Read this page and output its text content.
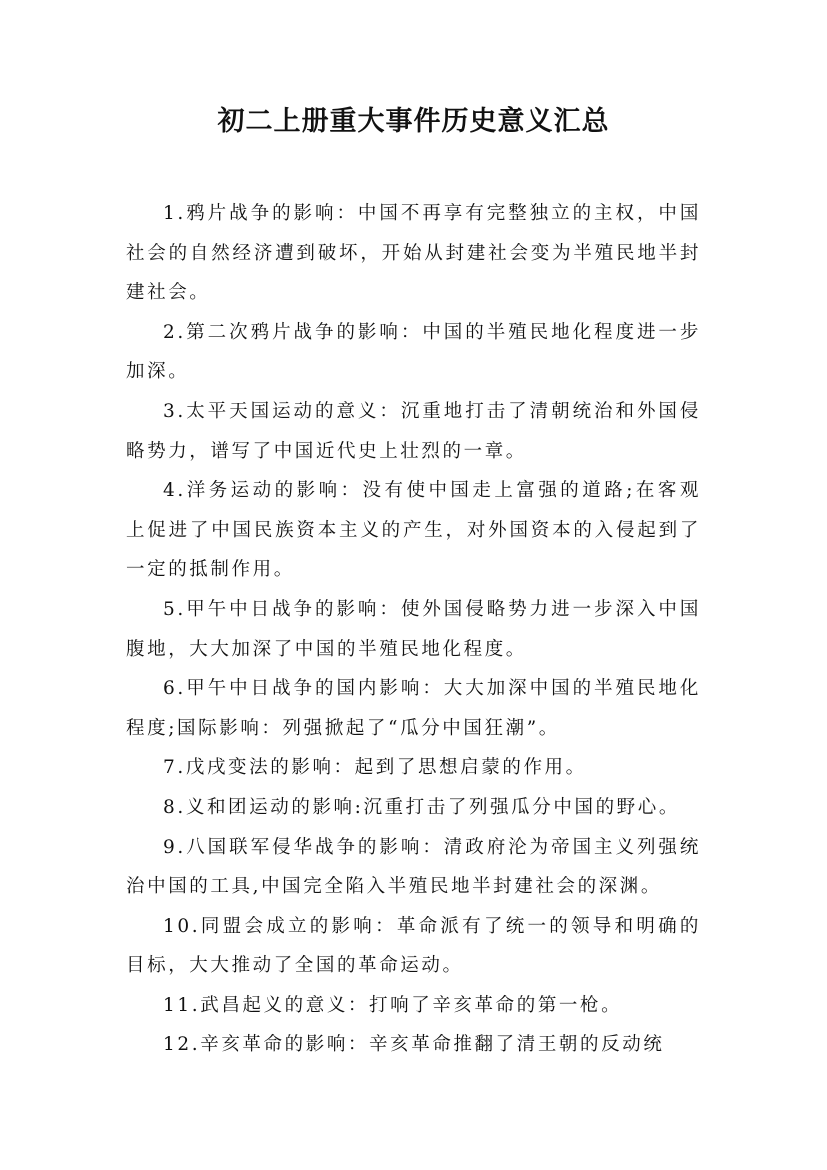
初二上册重大事件历史意义汇总

1.鸦片战争的影响：中国不再享有完整独立的主权，中国社会的自然经济遭到破坏，开始从封建社会变为半殖民地半封建社会。

2.第二次鸦片战争的影响：中国的半殖民地化程度进一步加深。

3.太平天国运动的意义：沉重地打击了清朝统治和外国侵略势力，谱写了中国近代史上壮烈的一章。

4.洋务运动的影响：没有使中国走上富强的道路;在客观上促进了中国民族资本主义的产生，对外国资本的入侵起到了一定的抵制作用。

5.甲午中日战争的影响：使外国侵略势力进一步深入中国腹地，大大加深了中国的半殖民地化程度。

6.甲午中日战争的国内影响：大大加深中国的半殖民地化程度;国际影响：列强掀起了“瓜分中国狂潮”。

7.戊戌变法的影响：起到了思想启蒙的作用。

8.义和团运动的影响:沉重打击了列强瓜分中国的野心。

9.八国联军侵华战争的影响：清政府沦为帝国主义列强统治中国的工具,中国完全陷入半殖民地半封建社会的深渊。

10.同盟会成立的影响：革命派有了统一的领导和明确的目标，大大推动了全国的革命运动。

11.武昌起义的意义：打响了辛亥革命的第一枪。

12.辛亥革命的影响：辛亥革命推翻了清王朝的反动统
